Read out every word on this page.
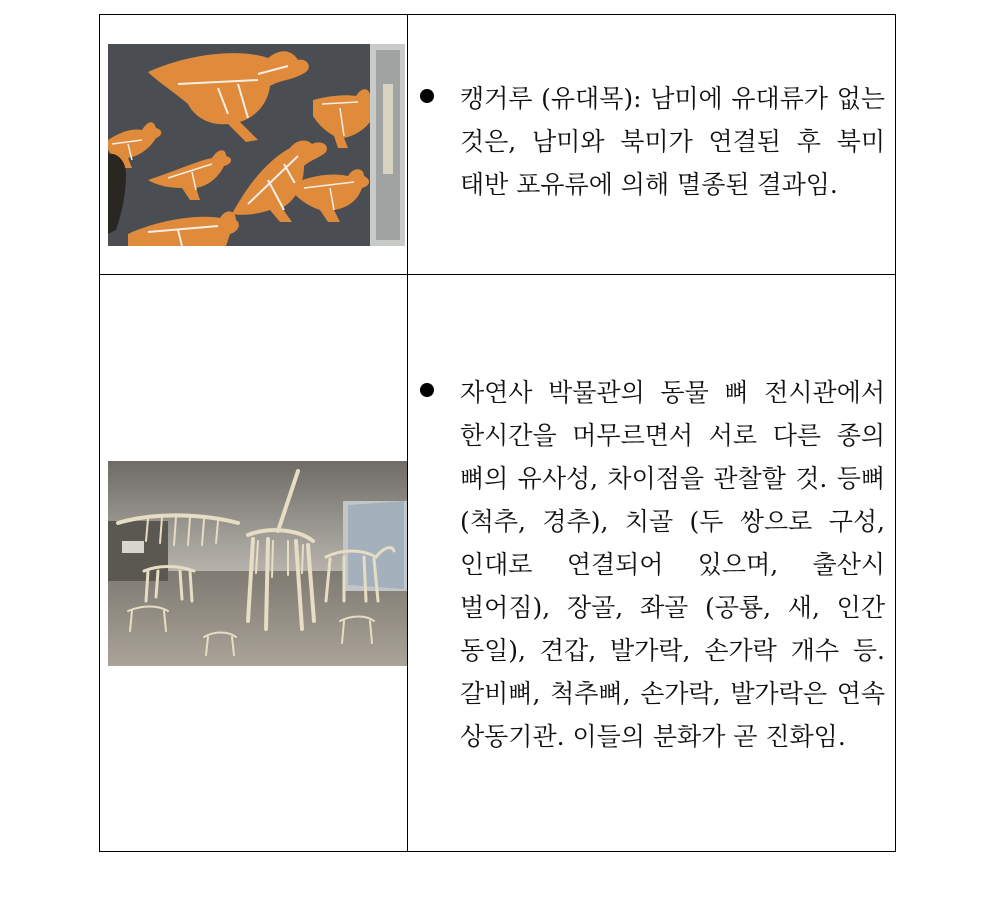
캥거루 (유대목): 남미에 유대류가 없는 것은, 남미와 북미가 연결된 후 북미 태반 포유류에 의해 멸종된 결과임.

자연사 박물관의 동물 뼈 전시관에서 한시간을 머무르면서 서로 다른 종의 뼈의 유사성, 차이점을 관찰할 것. 등뼈(척추, 경추), 치골 (두 쌍으로 구성, 인대로 연결되어 있으며, 출산시 벌어짐), 장골, 좌골 (공룡, 새, 인간 동일), 견갑, 발가락, 손가락 개수 등. 갈비뼈, 척추뼈, 손가락, 발가락은 연속 상동기관. 이들의 분화가 곧 진화임.
